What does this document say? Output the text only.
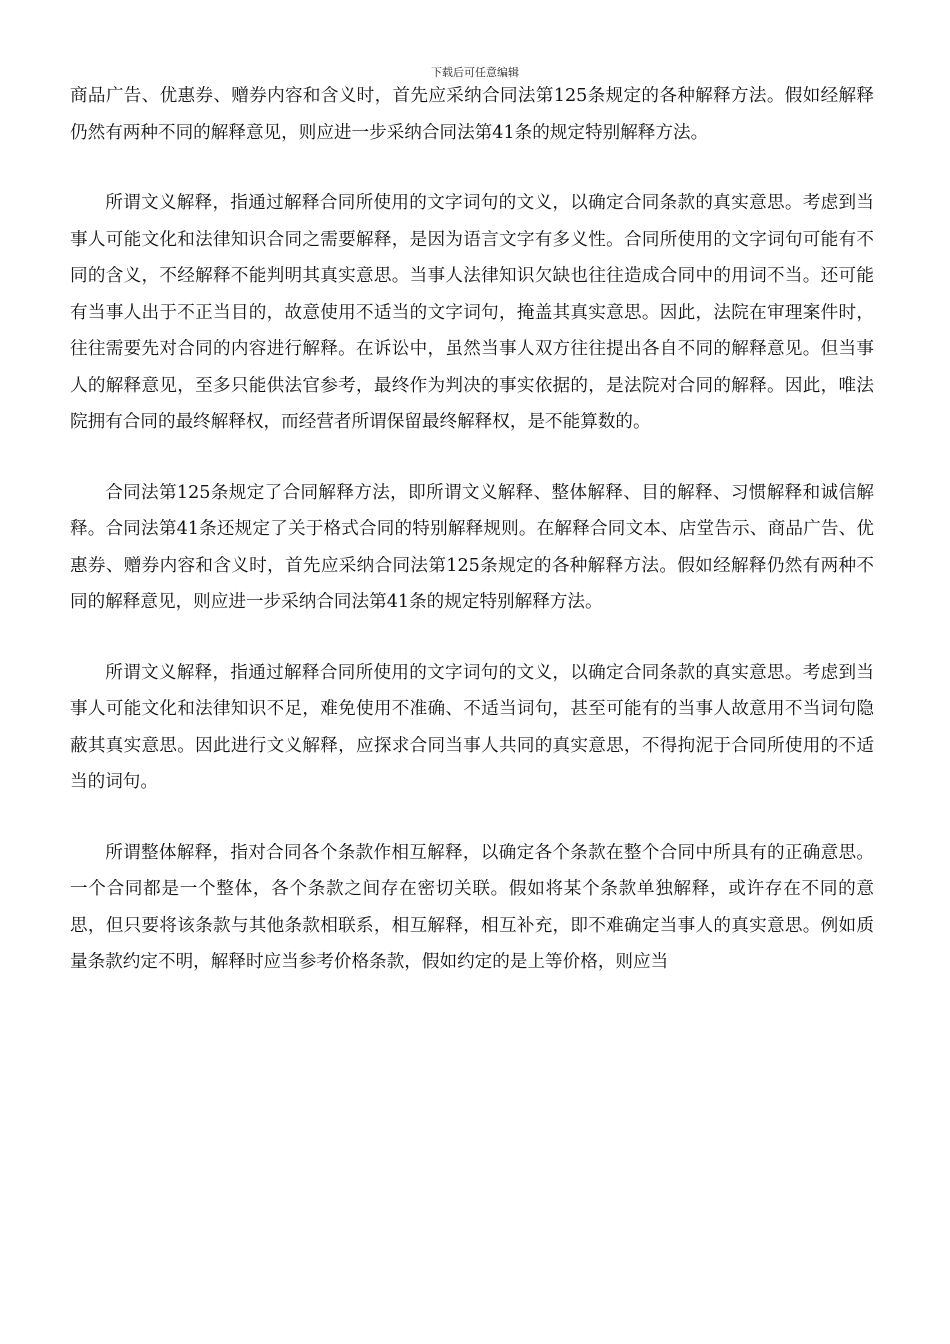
下载后可任意编辑

商品广告、优惠券、赠券内容和含义时，首先应采纳合同法第125条规定的各种解释方法。假如经解释仍然有两种不同的解释意见，则应进一步采纳合同法第41条的规定特别解释方法。

所谓文义解释，指通过解释合同所使用的文字词句的文义，以确定合同条款的真实意思。考虑到当事人可能文化和法律知识合同之需要解释，是因为语言文字有多义性。合同所使用的文字词句可能有不同的含义，不经解释不能判明其真实意思。当事人法律知识欠缺也往往造成合同中的用词不当。还可能有当事人出于不正当目的，故意使用不适当的文字词句，掩盖其真实意思。因此，法院在审理案件时，往往需要先对合同的内容进行解释。在诉讼中，虽然当事人双方往往提出各自不同的解释意见。但当事人的解释意见，至多只能供法官参考，最终作为判决的事实依据的，是法院对合同的解释。因此，唯法院拥有合同的最终解释权，而经营者所谓保留最终解释权，是不能算数的。

合同法第125条规定了合同解释方法，即所谓文义解释、整体解释、目的解释、习惯解释和诚信解释。合同法第41条还规定了关于格式合同的特别解释规则。在解释合同文本、店堂告示、商品广告、优惠券、赠券内容和含义时，首先应采纳合同法第125条规定的各种解释方法。假如经解释仍然有两种不同的解释意见，则应进一步采纳合同法第41条的规定特别解释方法。

所谓文义解释，指通过解释合同所使用的文字词句的文义，以确定合同条款的真实意思。考虑到当事人可能文化和法律知识不足，难免使用不准确、不适当词句，甚至可能有的当事人故意用不当词句隐蔽其真实意思。因此进行文义解释，应探求合同当事人共同的真实意思，不得拘泥于合同所使用的不适当的词句。

所谓整体解释，指对合同各个条款作相互解释，以确定各个条款在整个合同中所具有的正确意思。一个合同都是一个整体，各个条款之间存在密切关联。假如将某个条款单独解释，或许存在不同的意思，但只要将该条款与其他条款相联系，相互解释，相互补充，即不难确定当事人的真实意思。例如质量条款约定不明，解释时应当参考价格条款，假如约定的是上等价格，则应当
